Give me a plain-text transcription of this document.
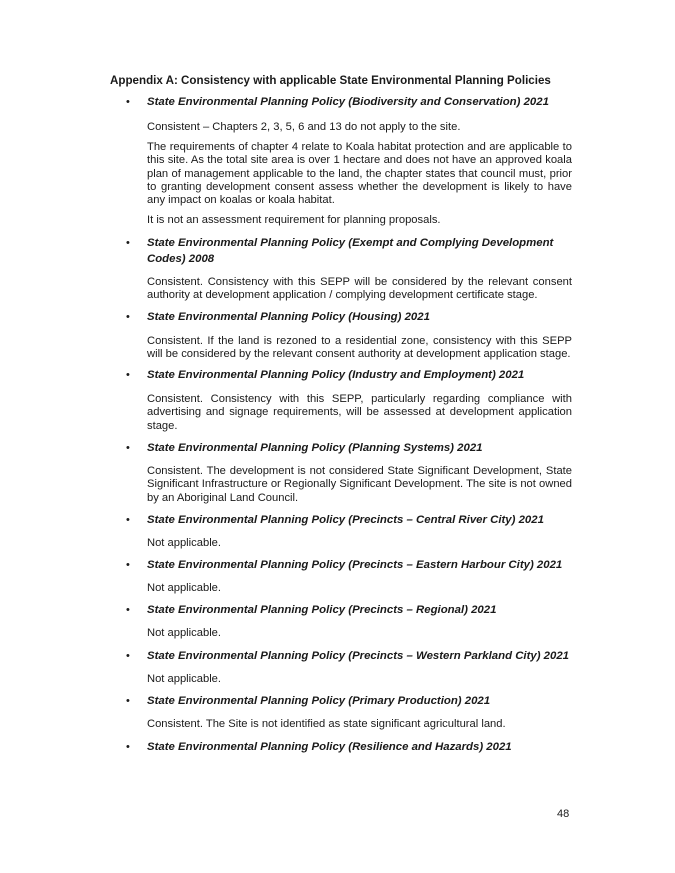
Appendix A: Consistency with applicable State Environmental Planning Policies
• State Environmental Planning Policy (Biodiversity and Conservation) 2021
Consistent – Chapters 2, 3, 5, 6 and 13 do not apply to the site.
The requirements of chapter 4 relate to Koala habitat protection and are applicable to this site. As the total site area is over 1 hectare and does not have an approved koala plan of management applicable to the land, the chapter states that council must, prior to granting development consent assess whether the development is likely to have any impact on koalas or koala habitat.
It is not an assessment requirement for planning proposals.
• State Environmental Planning Policy (Exempt and Complying Development Codes) 2008
Consistent. Consistency with this SEPP will be considered by the relevant consent authority at development application / complying development certificate stage.
• State Environmental Planning Policy (Housing) 2021
Consistent. If the land is rezoned to a residential zone, consistency with this SEPP will be considered by the relevant consent authority at development application stage.
• State Environmental Planning Policy (Industry and Employment) 2021
Consistent. Consistency with this SEPP, particularly regarding compliance with advertising and signage requirements, will be assessed at development application stage.
• State Environmental Planning Policy (Planning Systems) 2021
Consistent. The development is not considered State Significant Development, State Significant Infrastructure or Regionally Significant Development. The site is not owned by an Aboriginal Land Council.
• State Environmental Planning Policy (Precincts – Central River City) 2021
Not applicable.
• State Environmental Planning Policy (Precincts – Eastern Harbour City) 2021
Not applicable.
• State Environmental Planning Policy (Precincts – Regional) 2021
Not applicable.
• State Environmental Planning Policy (Precincts – Western Parkland City) 2021
Not applicable.
• State Environmental Planning Policy (Primary Production) 2021
Consistent. The Site is not identified as state significant agricultural land.
• State Environmental Planning Policy (Resilience and Hazards) 2021
48
